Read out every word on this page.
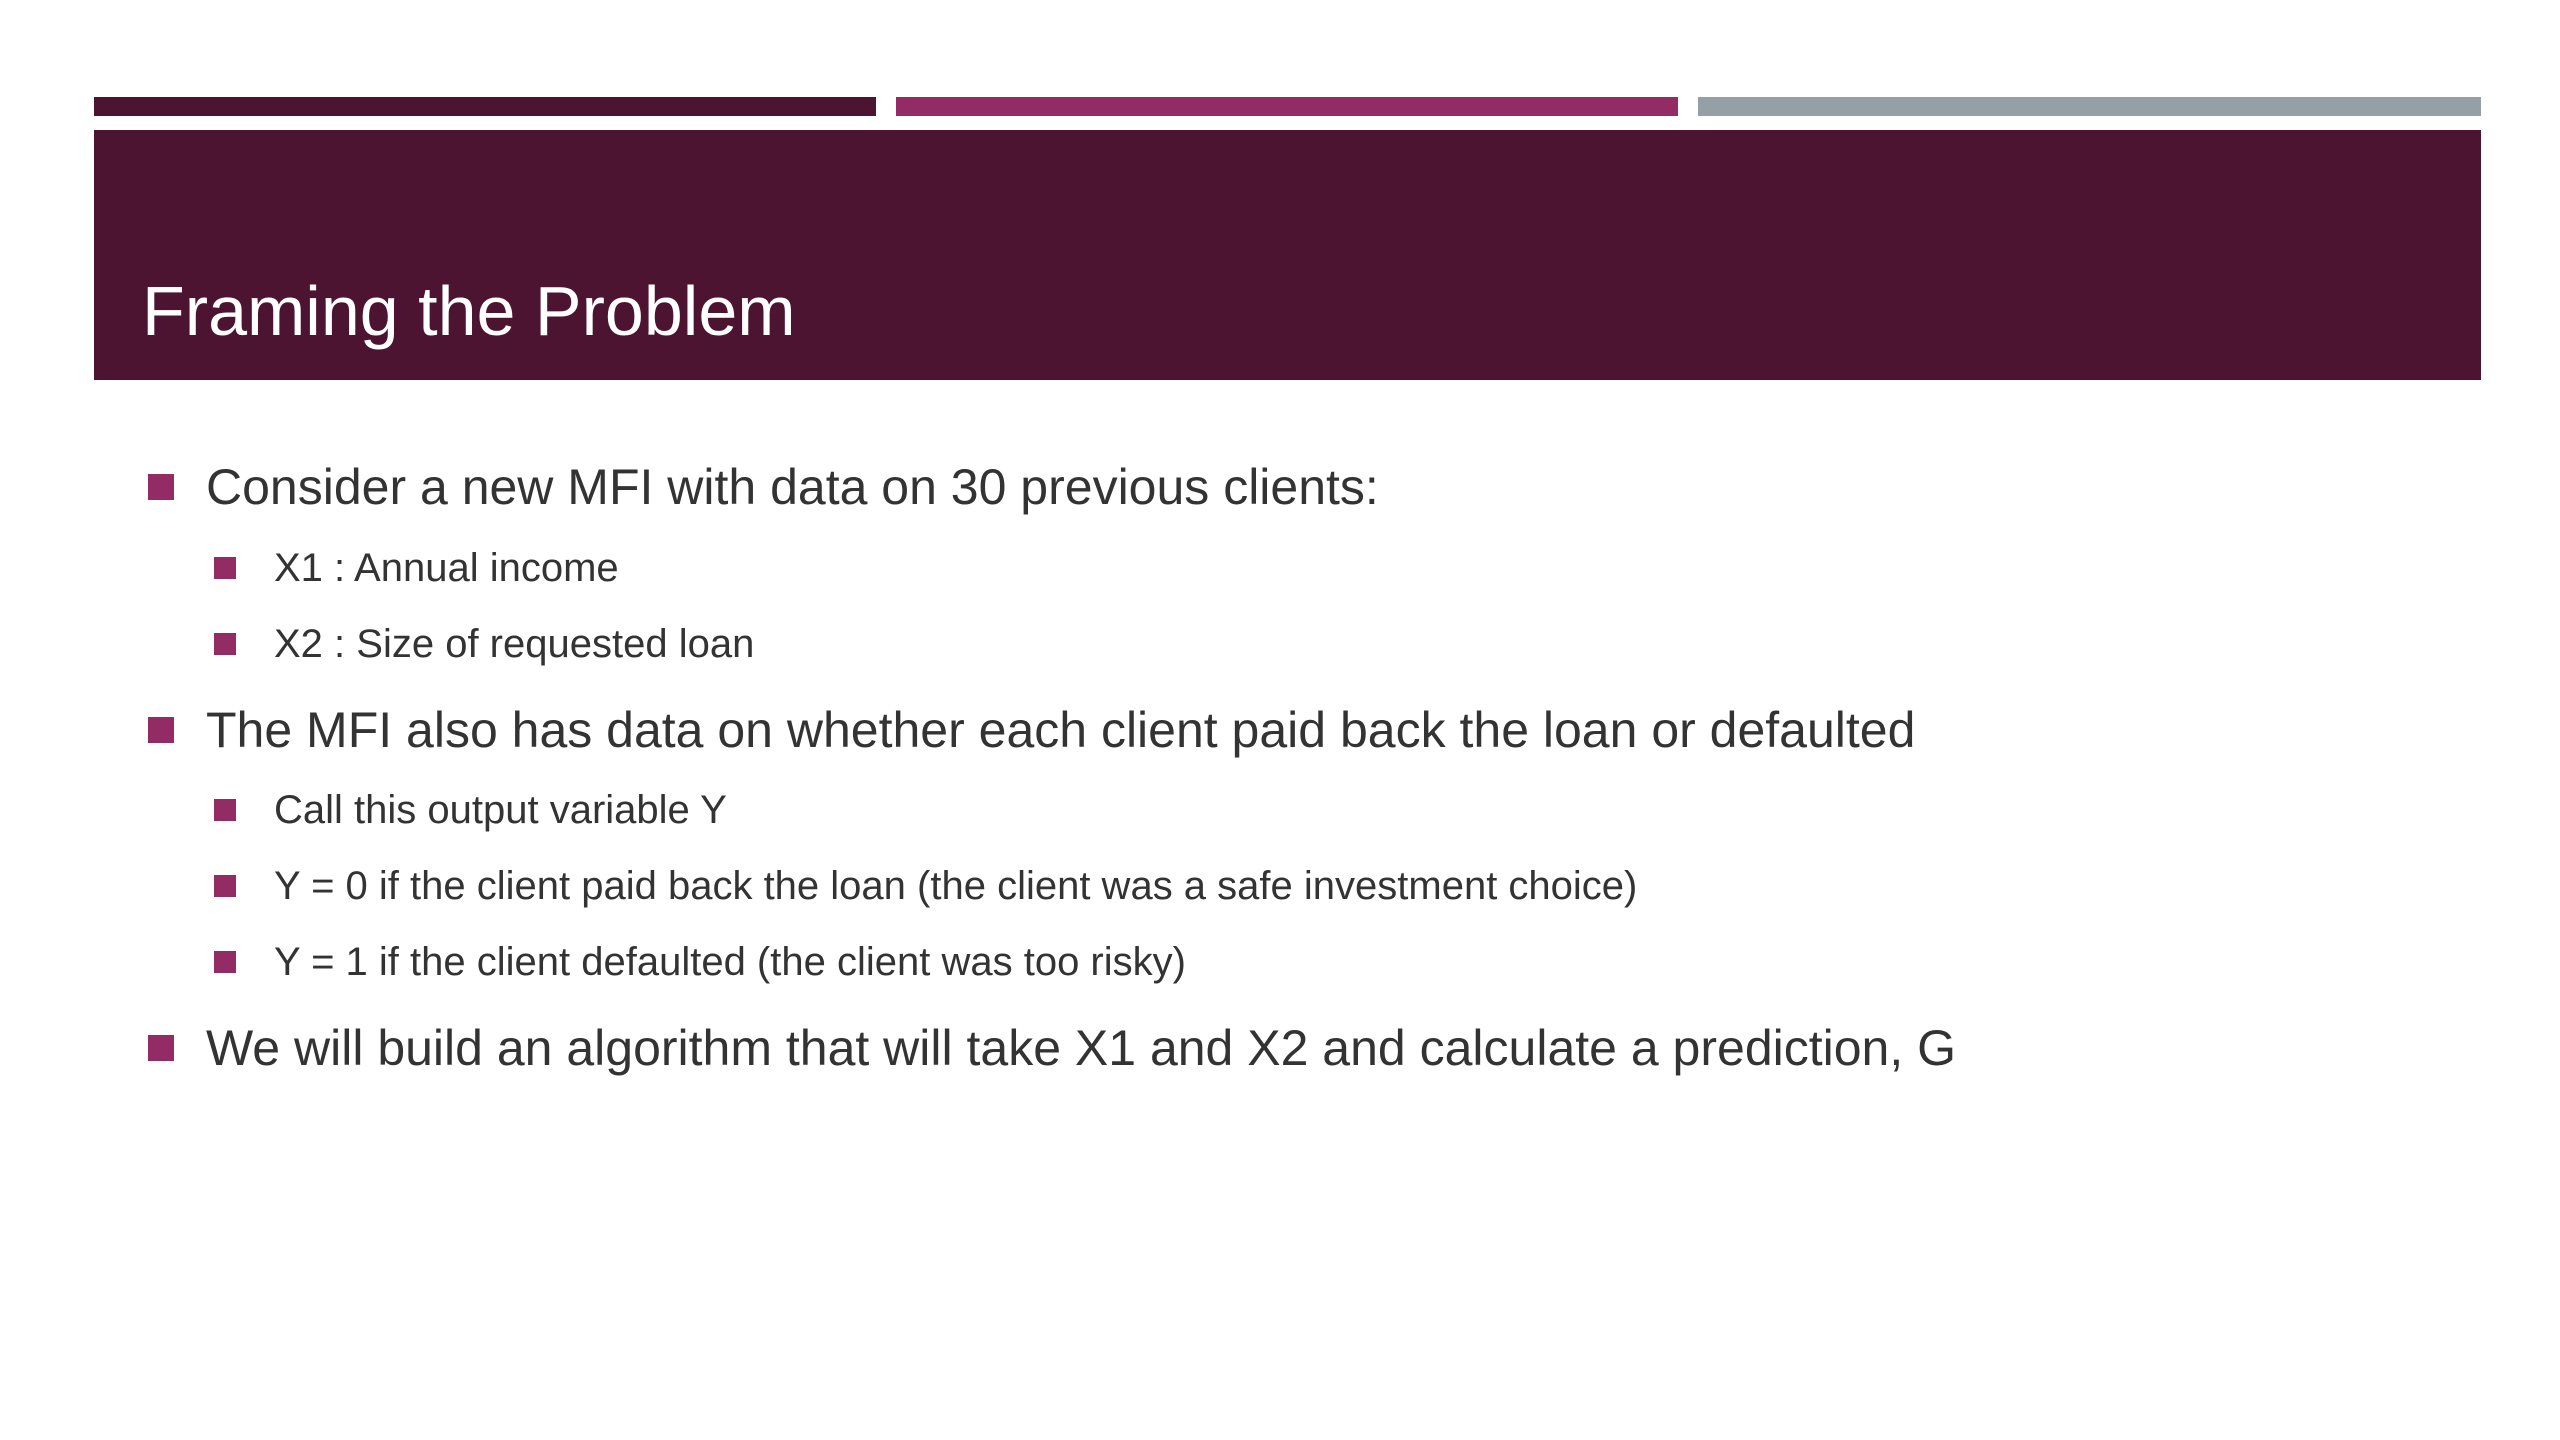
Framing the Problem
Consider a new MFI with data on 30 previous clients:
X1 : Annual income
X2 : Size of requested loan
The MFI also has data on whether each client paid back the loan or defaulted
Call this output variable Y
Y = 0 if the client paid back the loan (the client was a safe investment choice)
Y = 1 if the client defaulted (the client was too risky)
We will build an algorithm that will take X1 and X2 and calculate a prediction, G
